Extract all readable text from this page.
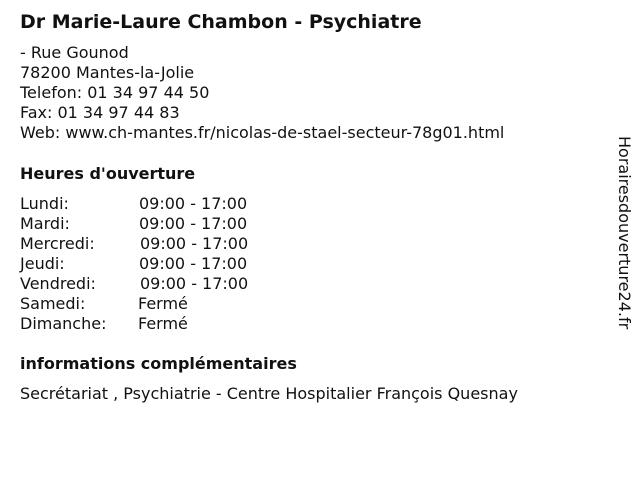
Dr Marie-Laure Chambon - Psychiatre
- Rue Gounod
78200 Mantes-la-Jolie
Telefon: 01 34 97 44 50
Fax: 01 34 97 44 83
Web: www.ch-mantes.fr/nicolas-de-stael-secteur-78g01.html
Heures d'ouverture
Lundi:	09:00 - 17:00
Mardi:	09:00 - 17:00
Mercredi:	09:00 - 17:00
Jeudi:	09:00 - 17:00
Vendredi:	09:00 - 17:00
Samedi:	Fermé
Dimanche: Fermé
informations complémentaires
Secrétariat , Psychiatrie - Centre Hospitalier François Quesnay
Horairesdouverture24.fr
